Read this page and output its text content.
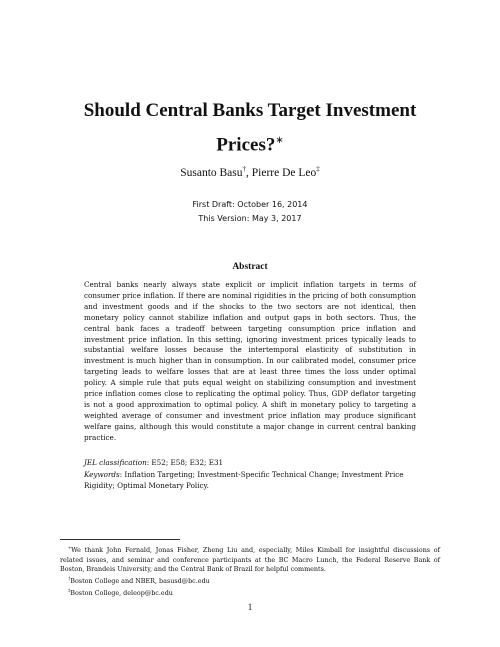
Should Central Banks Target Investment Prices?∗
Susanto Basu†, Pierre De Leo‡
First Draft: October 16, 2014
This Version: May 3, 2017
Abstract
Central banks nearly always state explicit or implicit inflation targets in terms of consumer price inflation. If there are nominal rigidities in the pricing of both consumption and investment goods and if the shocks to the two sectors are not identical, then monetary policy cannot stabilize inflation and output gaps in both sectors. Thus, the central bank faces a tradeoff between targeting consumption price inflation and investment price inflation. In this setting, ignoring investment prices typically leads to substantial welfare losses because the intertemporal elasticity of substitution in investment is much higher than in consumption. In our calibrated model, consumer price targeting leads to welfare losses that are at least three times the loss under optimal policy. A simple rule that puts equal weight on stabilizing consumption and investment price inflation comes close to replicating the optimal policy. Thus, GDP deflator targeting is not a good approximation to optimal policy. A shift in monetary policy to targeting a weighted average of consumer and investment price inflation may produce significant welfare gains, although this would constitute a major change in current central banking practice.
JEL classification: E52; E58; E32; E31
Keywords: Inflation Targeting; Investment-Specific Technical Change; Investment Price Rigidity; Optimal Monetary Policy.

∗We thank John Fernald, Jonas Fisher, Zheng Liu and, especially, Miles Kimball for insightful discussions of related issues, and seminar and conference participants at the BC Macro Lunch, the Federal Reserve Bank of Boston, Brandeis University, and the Central Bank of Brazil for helpful comments.

†Boston College and NBER, basusd@bc.edu

‡Boston College, deleop@bc.edu

1
